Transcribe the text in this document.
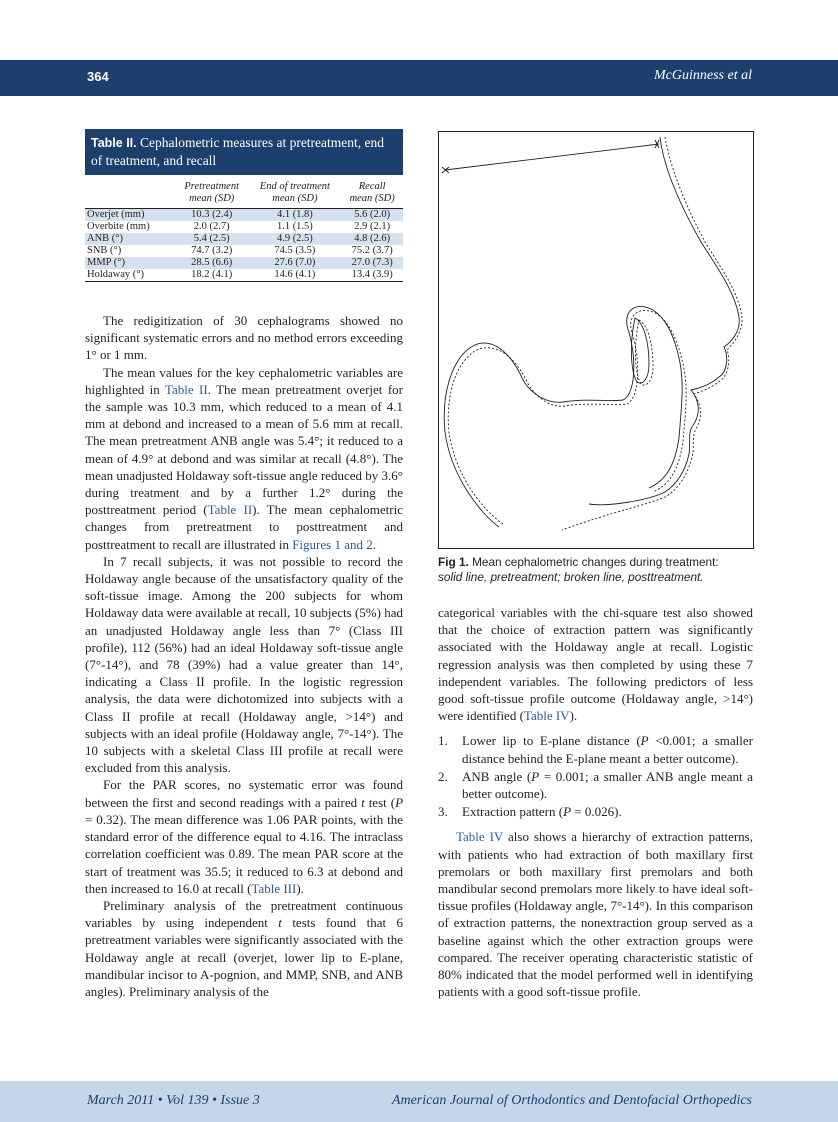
364	McGuinness et al
Table II. Cephalometric measures at pretreatment, end of treatment, and recall
	Pretreatment
mean (SD)	End of treatment
mean (SD)	Recall
mean (SD)
Overjet (mm)	10.3 (2.4)	4.1 (1.8)	5.6 (2.0)
Overbite (mm)	2.0 (2.7)	1.1 (1.5)	2.9 (2.1)
ANB (°)	5.4 (2.5)	4.9 (2.5)	4.8 (2.6)
SNB (°)	74.7 (3.2)	74.5 (3.5)	75.2 (3.7)
MMP (°)	28.5 (6.6)	27.6 (7.0)	27.0 (7.3)
Holdaway (°)	18.2 (4.1)	14.6 (4.1)	13.4 (3.9)

The redigitization of 30 cephalograms showed no significant systematic errors and no method errors exceeding 1° or 1 mm.

The mean values for the key cephalometric variables are highlighted in Table II. The mean pretreatment overjet for the sample was 10.3 mm, which reduced to a mean of 4.1 mm at debond and increased to a mean of 5.6 mm at recall. The mean pretreatment ANB angle was 5.4°; it reduced to a mean of 4.9° at debond and was similar at recall (4.8°). The mean unadjusted Holdaway soft-tissue angle reduced by 3.6° during treatment and by a further 1.2° during the posttreatment period (Table II). The mean cephalometric changes from pretreatment to posttreatment and posttreatment to recall are illustrated in Figures 1 and 2.

In 7 recall subjects, it was not possible to record the Holdaway angle because of the unsatisfactory quality of the soft-tissue image. Among the 200 subjects for whom Holdaway data were available at recall, 10 subjects (5%) had an unadjusted Holdaway angle less than 7° (Class III profile), 112 (56%) had an ideal Holdaway soft-tissue angle (7°-14°), and 78 (39%) had a value greater than 14°, indicating a Class II profile. In the logistic regression analysis, the data were dichotomized into subjects with a Class II profile at recall (Holdaway angle, >14°) and subjects with an ideal profile (Holdaway angle, 7°-14°). The 10 subjects with a skeletal Class III profile at recall were excluded from this analysis.

For the PAR scores, no systematic error was found between the first and second readings with a paired t test (P = 0.32). The mean difference was 1.06 PAR points, with the standard error of the difference equal to 4.16. The intraclass correlation coefficient was 0.89. The mean PAR score at the start of treatment was 35.5; it reduced to 6.3 at debond and then increased to 16.0 at recall (Table III).

Preliminary analysis of the pretreatment continuous variables by using independent t tests found that 6 pretreatment variables were significantly associated with the Holdaway angle at recall (overjet, lower lip to E-plane, mandibular incisor to A-pognion, and MMP, SNB, and ANB angles). Preliminary analysis of the

Fig 1. Mean cephalometric changes during treatment:
solid line, pretreatment; broken line, posttreatment.

categorical variables with the chi-square test also showed that the choice of extraction pattern was significantly associated with the Holdaway angle at recall. Logistic regression analysis was then completed by using these 7 independent variables. The following predictors of less good soft-tissue profile outcome (Holdaway angle, >14°) were identified (Table IV).

1. Lower lip to E-plane distance (P <0.001; a smaller distance behind the E-plane meant a better outcome).
2. ANB angle (P = 0.001; a smaller ANB angle meant a better outcome).
3. Extraction pattern (P = 0.026).

Table IV also shows a hierarchy of extraction patterns, with patients who had extraction of both maxillary first premolars or both maxillary first premolars and both mandibular second premolars more likely to have ideal soft-tissue profiles (Holdaway angle, 7°-14°). In this comparison of extraction patterns, the nonextraction group served as a baseline against which the other extraction groups were compared. The receiver operating characteristic statistic of 80% indicated that the model performed well in identifying patients with a good soft-tissue profile.

March 2011 • Vol 139 • Issue 3	American Journal of Orthodontics and Dentofacial Orthopedics
